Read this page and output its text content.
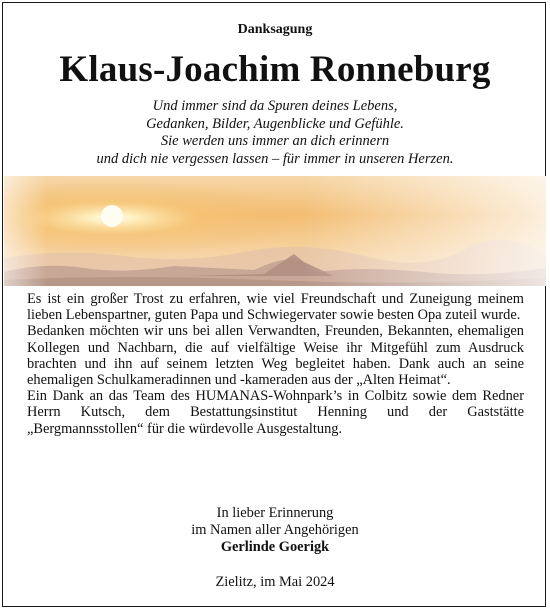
Danksagung
Klaus-Joachim Ronneburg
Und immer sind da Spuren deines Lebens,
Gedanken, Bilder, Augenblicke und Gefühle.
Sie werden uns immer an dich erinnern
und dich nie vergessen lassen – für immer in unseren Herzen.

Es ist ein großer Trost zu erfahren, wie viel Freundschaft und Zuneigung meinem lieben Lebenspartner, guten Papa und Schwiegervater sowie besten Opa zuteil wurde.

Bedanken möchten wir uns bei allen Verwandten, Freunden, Bekannten, ehemaligen Kollegen und Nachbarn, die auf vielfältige Weise ihr Mitgefühl zum Ausdruck brachten und ihn auf seinem letzten Weg begleitet haben. Dank auch an seine ehemaligen Schulkameradinnen und -kameraden aus der „Alten Heimat“.

Ein Dank an das Team des HUMANAS-Wohnpark’s in Colbitz sowie dem Redner Herrn Kutsch, dem Bestattungsinstitut Henning und der Gaststätte „Bergmannsstollen“ für die würdevolle Ausgestaltung.

In lieber Erinnerung
im Namen aller Angehörigen
Gerlinde Goerigk
Zielitz, im Mai 2024
